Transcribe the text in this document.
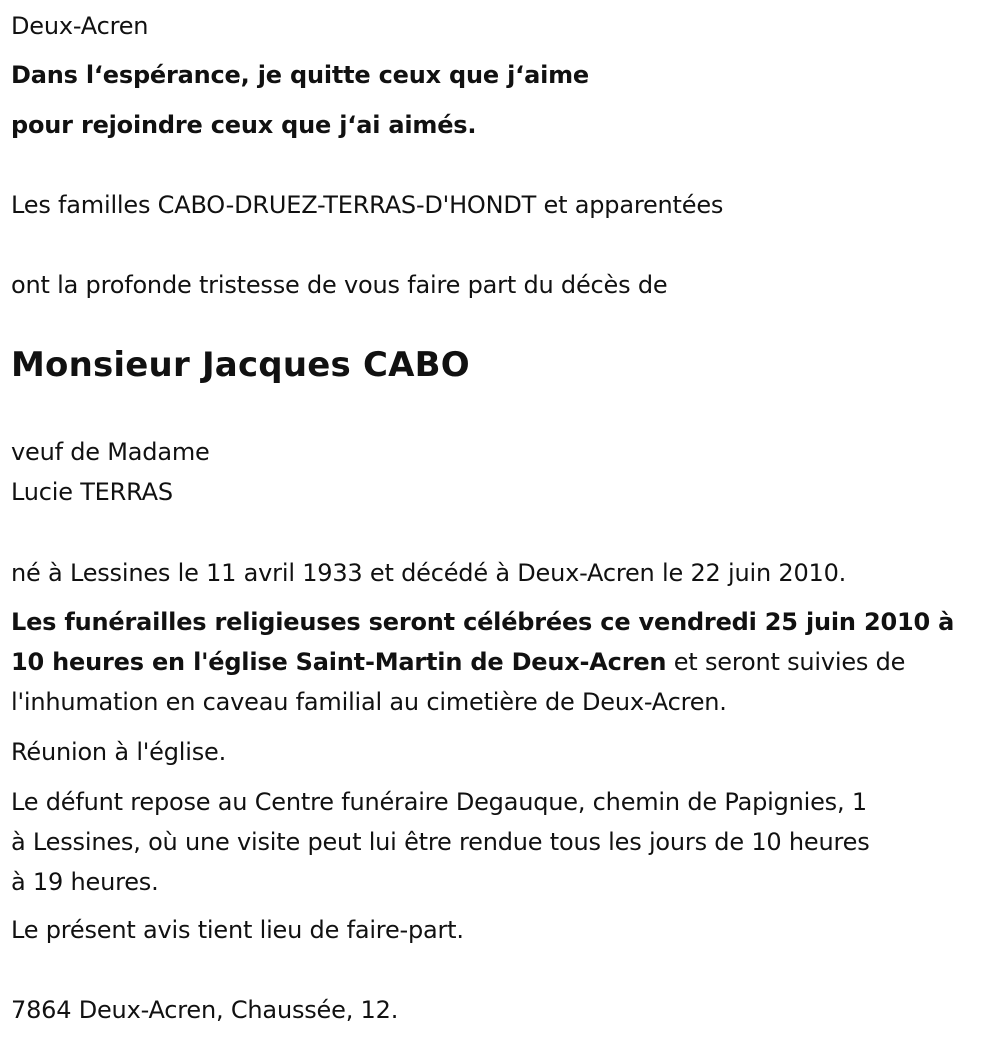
Deux-Acren
Dans l‘espérance, je quitte ceux que j‘aime
pour rejoindre ceux que j‘ai aimés.
Les familles CABO-DRUEZ-TERRAS-D'HONDT et apparentées
ont la profonde tristesse de vous faire part du décès de
Monsieur Jacques CABO
veuf de Madame
Lucie TERRAS
né à Lessines le 11 avril 1933 et décédé à Deux-Acren le 22 juin 2010.
Les funérailles religieuses seront célébrées ce vendredi 25 juin 2010 à
10 heures en l'église Saint-Martin de Deux-Acren et seront suivies de
l'inhumation en caveau familial au cimetière de Deux-Acren.
Réunion à l'église.
Le défunt repose au Centre funéraire Degauque, chemin de Papignies, 1
à Lessines, où une visite peut lui être rendue tous les jours de 10 heures
à 19 heures.
Le présent avis tient lieu de faire-part.
7864 Deux-Acren, Chaussée, 12.
